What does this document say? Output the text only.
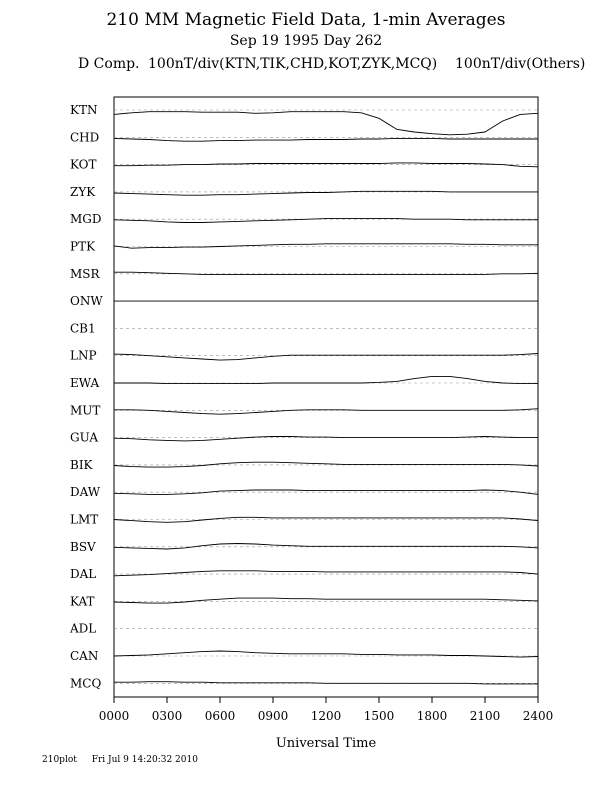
210 MM Magnetic Field Data, 1-min Averages
Sep 19 1995 Day 262
D Comp. 100nT/div(KTN,TIK,CHD,KOT,ZYK,MCQ) 100nT/div(Others)
KTN
CHD
KOT
ZYK
MGD
PTK
MSR
ONW
CB1
LNP
EWA
MUT
GUA
BIK
DAW
LMT
BSV
DAL
KAT
ADL
CAN
MCQ
0000 0300 0600 0900 1200 1500 1800 2100 2400
Universal Time
210plot Fri Jul 9 14:20:32 2010
